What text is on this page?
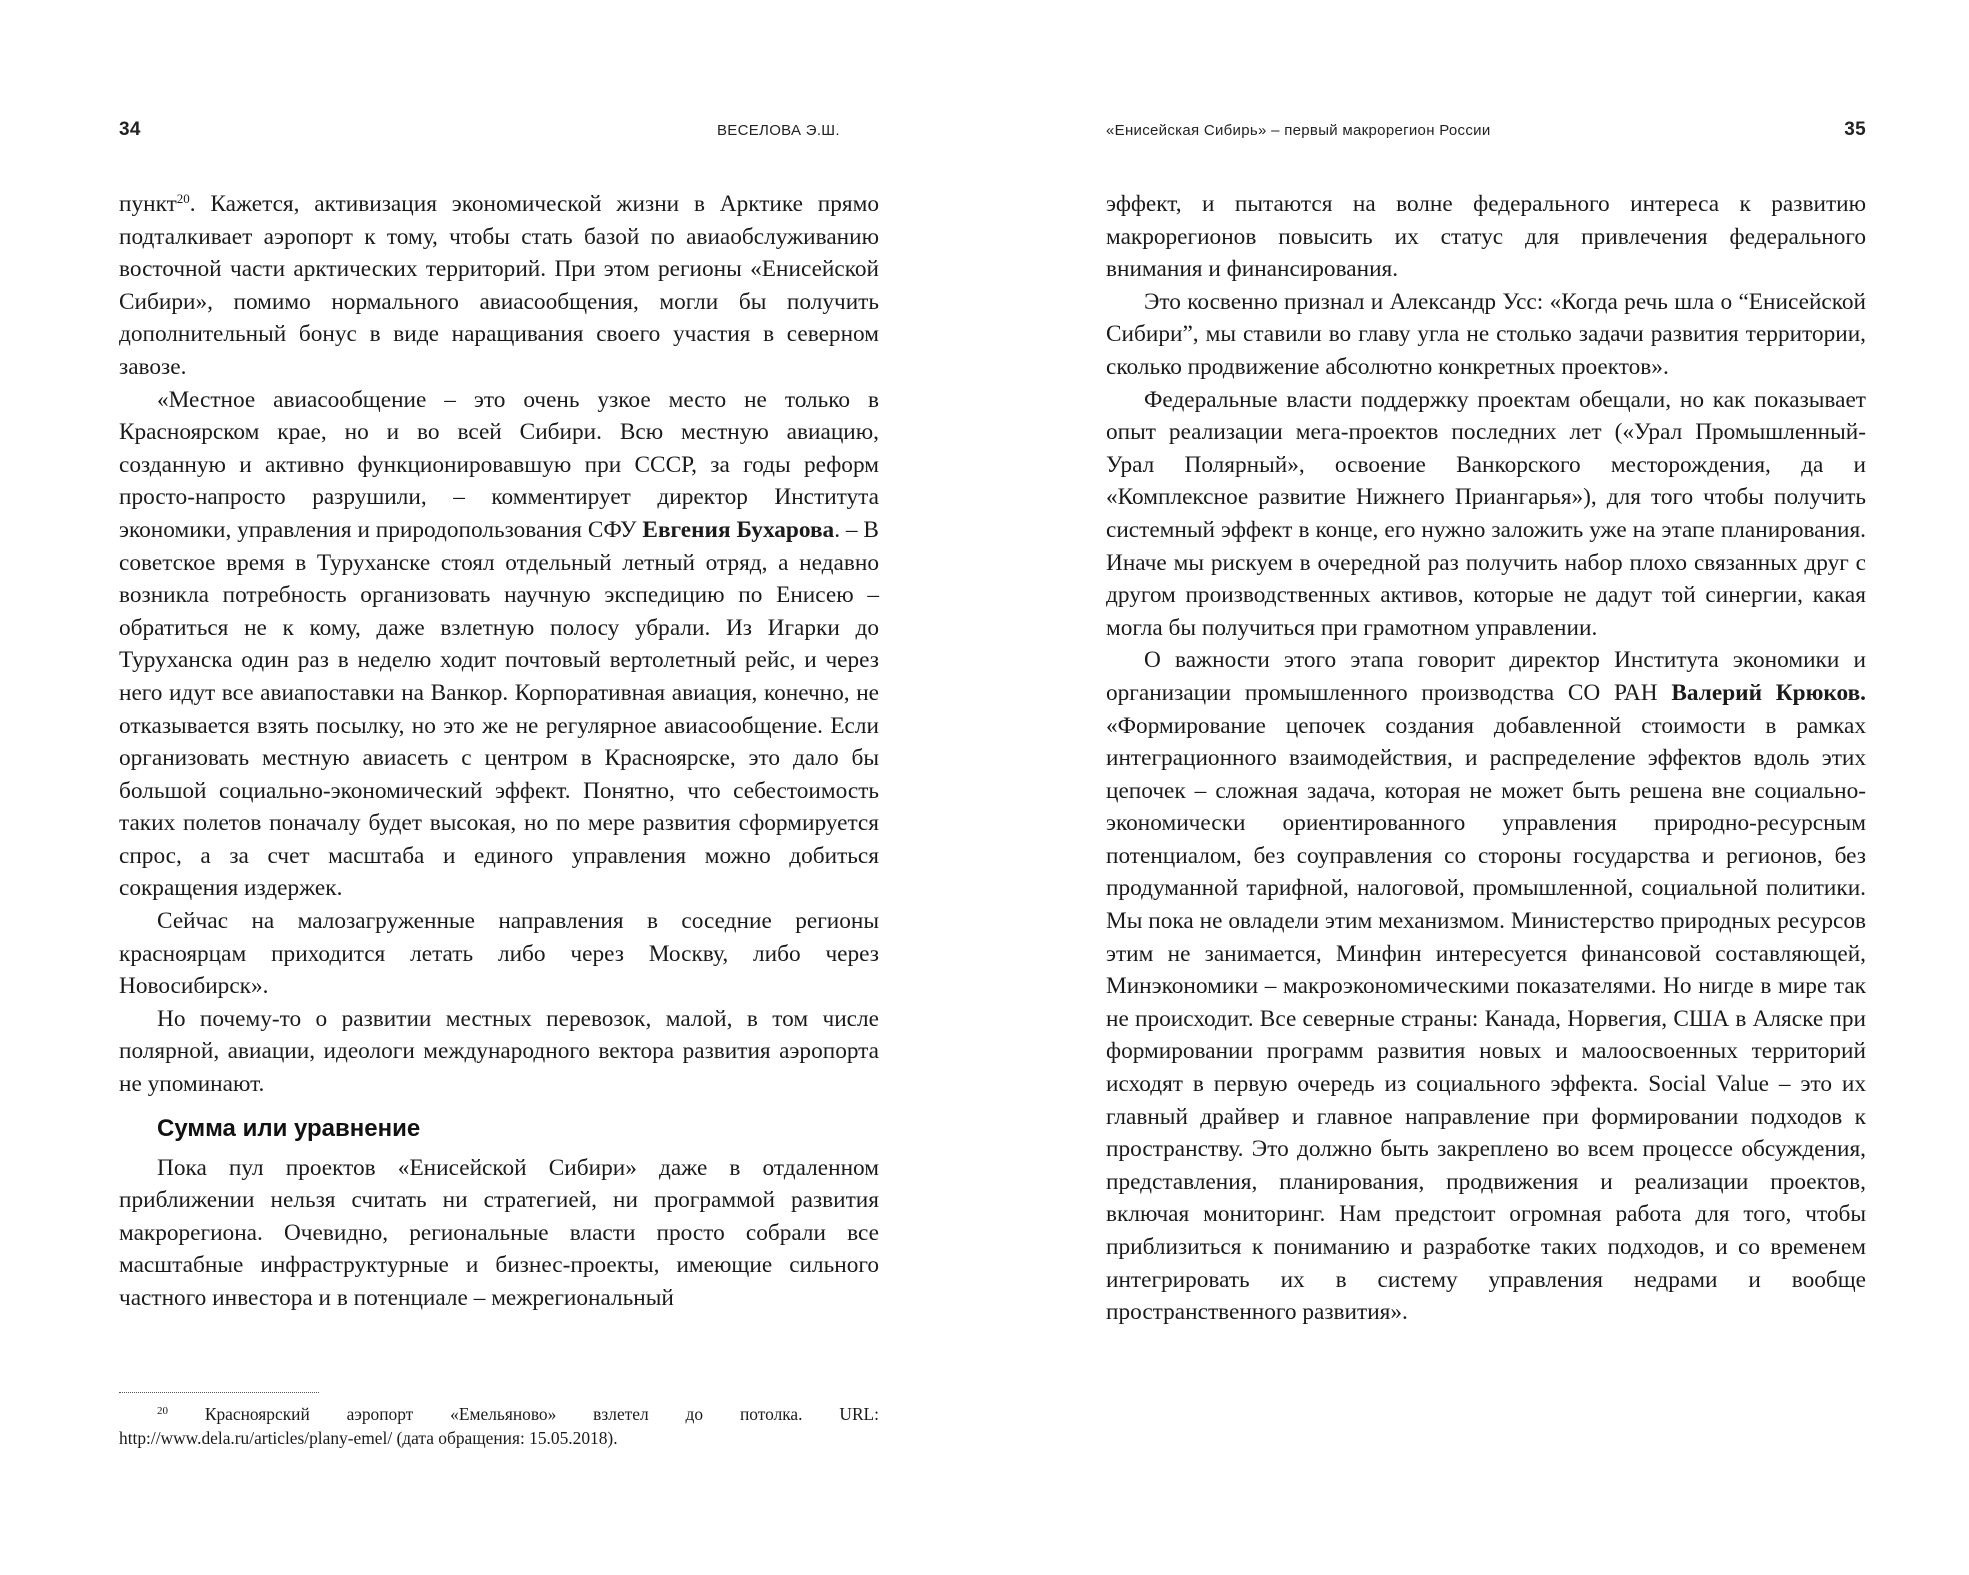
34	ВЕСЕЛОВА Э.Ш.

пункт$^{20}$. Кажется, активизация экономической жизни в Арктике прямо подталкивает аэропорт к тому, чтобы стать базой по авиаобслуживанию восточной части арктических территорий. При этом регионы «Енисейской Сибири», помимо нормального авиасообщения, могли бы получить дополнительный бонус в виде наращивания своего участия в северном завозе.

«Местное авиасообщение – это очень узкое место не только в Красноярском крае, но и во всей Сибири. Всю местную авиацию, созданную и активно функционировавшую при СССР, за годы реформ просто-напросто разрушили, – комментирует директор Института экономики, управления и природопользования СФУ Евгения Бухарова. – В советское время в Туруханске стоял отдельный летный отряд, а недавно возникла потребность организовать научную экспедицию по Енисею – обратиться не к кому, даже взлетную полосу убрали. Из Игарки до Туруханска один раз в неделю ходит почтовый вертолетный рейс, и через него идут все авиапоставки на Ванкор. Корпоративная авиация, конечно, не отказывается взять посылку, но это же не регулярное авиасообщение. Если организовать местную авиасеть с центром в Красноярске, это дало бы большой социально-экономический эффект. Понятно, что себестоимость таких полетов поначалу будет высокая, но по мере развития сформируется спрос, а за счет масштаба и единого управления можно добиться сокращения издержек.

Сейчас на малозагруженные направления в соседние регионы красноярцам приходится летать либо через Москву, либо через Новосибирск».

Но почему-то о развитии местных перевозок, малой, в том числе полярной, авиации, идеологи международного вектора развития аэропорта не упоминают.

Сумма или уравнение

Пока пул проектов «Енисейской Сибири» даже в отдаленном приближении нельзя считать ни стратегией, ни программой развития макрорегиона. Очевидно, региональные власти просто собрали все масштабные инфраструктурные и бизнес-проекты, имеющие сильного частного инвестора и в потенциале – межрегиональный

$^{20}$ Красноярский аэропорт «Емельяново» взлетел до потолка. URL: http://www.dela.ru/articles/plany-emel/ (дата обращения: 15.05.2018).

«Енисейская Сибирь» – первый макрорегион России	35

эффект, и пытаются на волне федерального интереса к развитию макрорегионов повысить их статус для привлечения федерального внимания и финансирования.

Это косвенно признал и Александр Усс: «Когда речь шла о “Енисейской Сибири”, мы ставили во главу угла не столько задачи развития территории, сколько продвижение абсолютно конкретных проектов».

Федеральные власти поддержку проектам обещали, но как показывает опыт реализации мега-проектов последних лет («Урал Промышленный-Урал Полярный», освоение Ванкорского месторождения, да и «Комплексное развитие Нижнего Приангарья»), для того чтобы получить системный эффект в конце, его нужно заложить уже на этапе планирования. Иначе мы рискуем в очередной раз получить набор плохо связанных друг с другом производственных активов, которые не дадут той синергии, какая могла бы получиться при грамотном управлении.

О важности этого этапа говорит директор Института экономики и организации промышленного производства СО РАН Валерий Крюков. «Формирование цепочек создания добавленной стоимости в рамках интеграционного взаимодействия, и распределение эффектов вдоль этих цепочек – сложная задача, которая не может быть решена вне социально-экономически ориентированного управления природно-ресурсным потенциалом, без соуправления со стороны государства и регионов, без продуманной тарифной, налоговой, промышленной, социальной политики. Мы пока не овладели этим механизмом. Министерство природных ресурсов этим не занимается, Минфин интересуется финансовой составляющей, Минэкономики – макроэкономическими показателями. Но нигде в мире так не происходит. Все северные страны: Канада, Норвегия, США в Аляске при формировании программ развития новых и малоосвоенных территорий исходят в первую очередь из социального эффекта. Social Value – это их главный драйвер и главное направление при формировании подходов к пространству. Это должно быть закреплено во всем процессе обсуждения, представления, планирования, продвижения и реализации проектов, включая мониторинг. Нам предстоит огромная работа для того, чтобы приблизиться к пониманию и разработке таких подходов, и со временем интегрировать их в систему управления недрами и вообще пространственного развития».
